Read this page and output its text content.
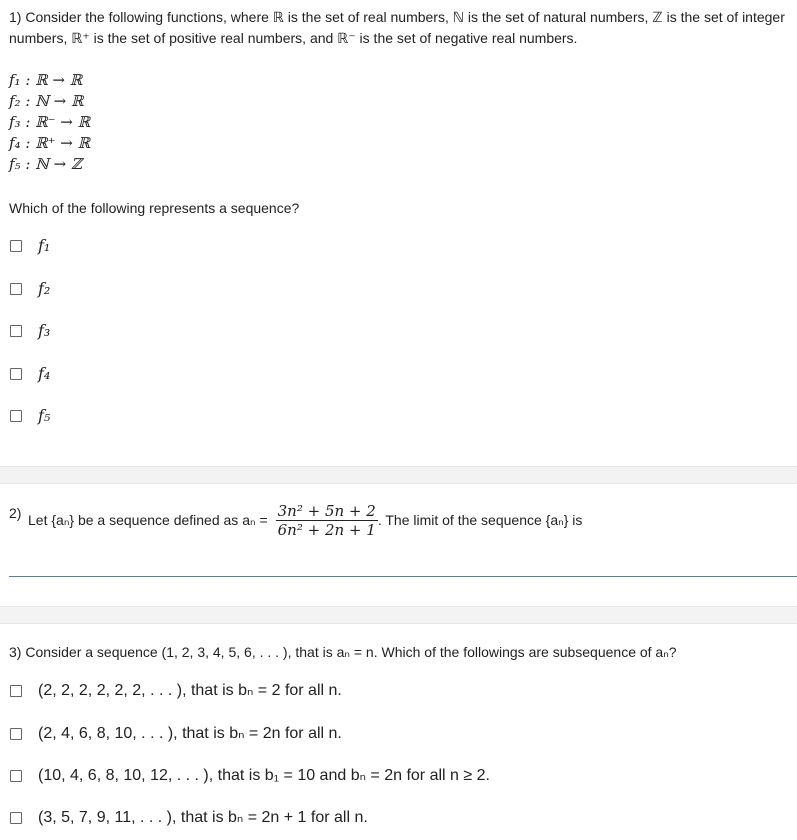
1) Consider the following functions, where ℝ is the set of real numbers, ℕ is the set of natural numbers, ℤ is the set of integer
numbers, ℝ⁺ is the set of positive real numbers, and ℝ⁻ is the set of negative real numbers.
f₁ : ℝ → ℝ
f₂ : ℕ → ℝ
f₃ : ℝ⁻ → ℝ
f₄ : ℝ⁺ → ℝ
f₅ : ℕ → ℤ
Which of the following represents a sequence?
f₁
f₂
f₃
f₄
f₅
2) Let {aₙ} be a sequence defined as $a_n = \frac{\text{3n² + 5n + 2}}{\text{6n² + 2n + 1}}$ . The limit of the sequence {aₙ} is
3) Consider a sequence (1, 2, 3, 4, 5, 6, . . . ), that is aₙ = n. Which of the followings are subsequence of aₙ?
(2, 2, 2, 2, 2, 2, . . . ), that is bₙ = 2 for all n.
(2, 4, 6, 8, 10, . . . ), that is bₙ = 2n for all n.
(10, 4, 6, 8, 10, 12, . . . ), that is b₁ = 10 and bₙ = 2n for all n ≥ 2.
(3, 5, 7, 9, 11, . . . ), that is bₙ = 2n + 1 for all n.
